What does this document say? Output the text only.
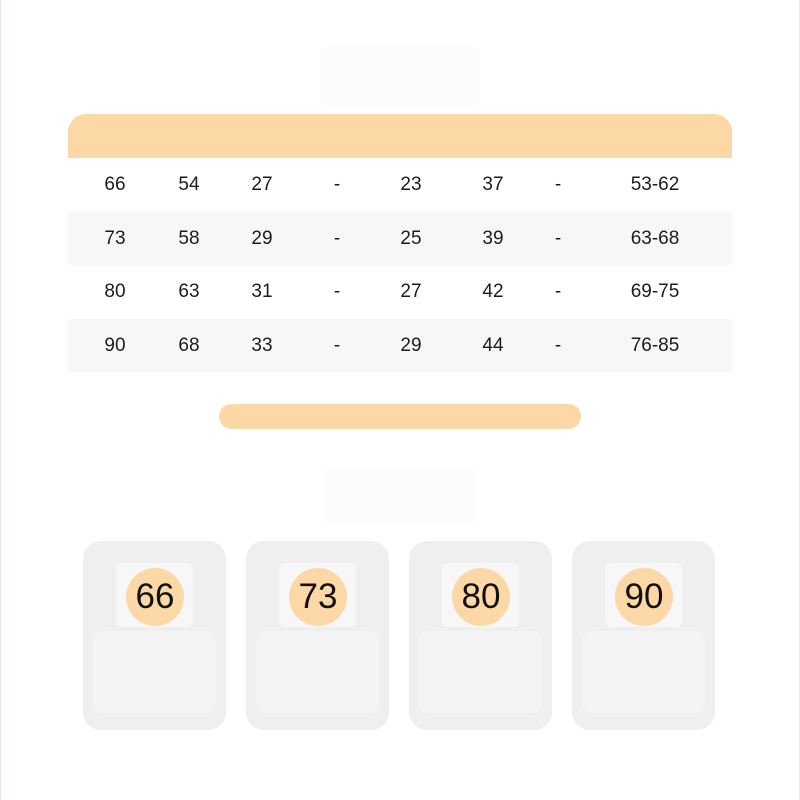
66	54	27	-	23	37	-	53-62
73	58	29	-	25	39	-	63-68
80	63	31	-	27	42	-	69-75
90	68	33	-	29	44	-	76-85
66	73	80	90
